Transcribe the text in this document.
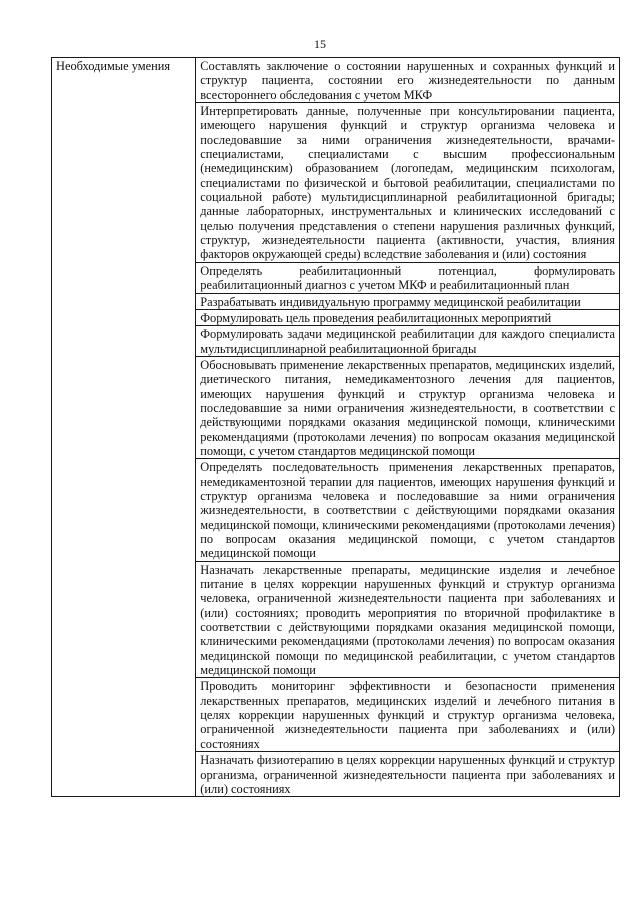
15
Необходимые умения	Составлять заключение о состоянии нарушенных и сохранных функций и структур пациента, состоянии его жизнедеятельности по данным всестороннего обследования с учетом МКФ
Интерпретировать данные, полученные при консультировании пациента, имеющего нарушения функций и структур организма человека и последовавшие за ними ограничения жизнедеятельности, врачами-специалистами, специалистами с высшим профессиональным (немедицинским) образованием (логопедам, медицинским психологам, специалистами по физической и бытовой реабилитации, специалистами по социальной работе) мультидисциплинарной реабилитационной бригады; данные лабораторных, инструментальных и клинических исследований с целью получения представления о степени нарушения различных функций, структур, жизнедеятельности пациента (активности, участия, влияния факторов окружающей среды) вследствие заболевания и (или) состояния
Определять реабилитационный потенциал, формулировать реабилитационный диагноз с учетом МКФ и реабилитационный план
Разрабатывать индивидуальную программу медицинской реабилитации
Формулировать цель проведения реабилитационных мероприятий
Формулировать задачи медицинской реабилитации для каждого специалиста мультидисциплинарной реабилитационной бригады
Обосновывать применение лекарственных препаратов, медицинских изделий, диетического питания, немедикаментозного лечения для пациентов, имеющих нарушения функций и структур организма человека и последовавшие за ними ограничения жизнедеятельности, в соответствии с действующими порядками оказания медицинской помощи, клиническими рекомендациями (протоколами лечения) по вопросам оказания медицинской помощи, с учетом стандартов медицинской помощи
Определять последовательность применения лекарственных препаратов, немедикаментозной терапии для пациентов, имеющих нарушения функций и структур организма человека и последовавшие за ними ограничения жизнедеятельности, в соответствии с действующими порядками оказания медицинской помощи, клиническими рекомендациями (протоколами лечения) по вопросам оказания медицинской помощи, с учетом стандартов медицинской помощи
Назначать лекарственные препараты, медицинские изделия и лечебное питание в целях коррекции нарушенных функций и структур организма человека, ограниченной жизнедеятельности пациента при заболеваниях и (или) состояниях; проводить мероприятия по вторичной профилактике в соответствии с действующими порядками оказания медицинской помощи, клиническими рекомендациями (протоколами лечения) по вопросам оказания медицинской помощи по медицинской реабилитации, с учетом стандартов медицинской помощи
Проводить мониторинг эффективности и безопасности применения лекарственных препаратов, медицинских изделий и лечебного питания в целях коррекции нарушенных функций и структур организма человека, ограниченной жизнедеятельности пациента при заболеваниях и (или) состояниях
Назначать физиотерапию в целях коррекции нарушенных функций и структур организма, ограниченной жизнедеятельности пациента при заболеваниях и (или) состояниях
